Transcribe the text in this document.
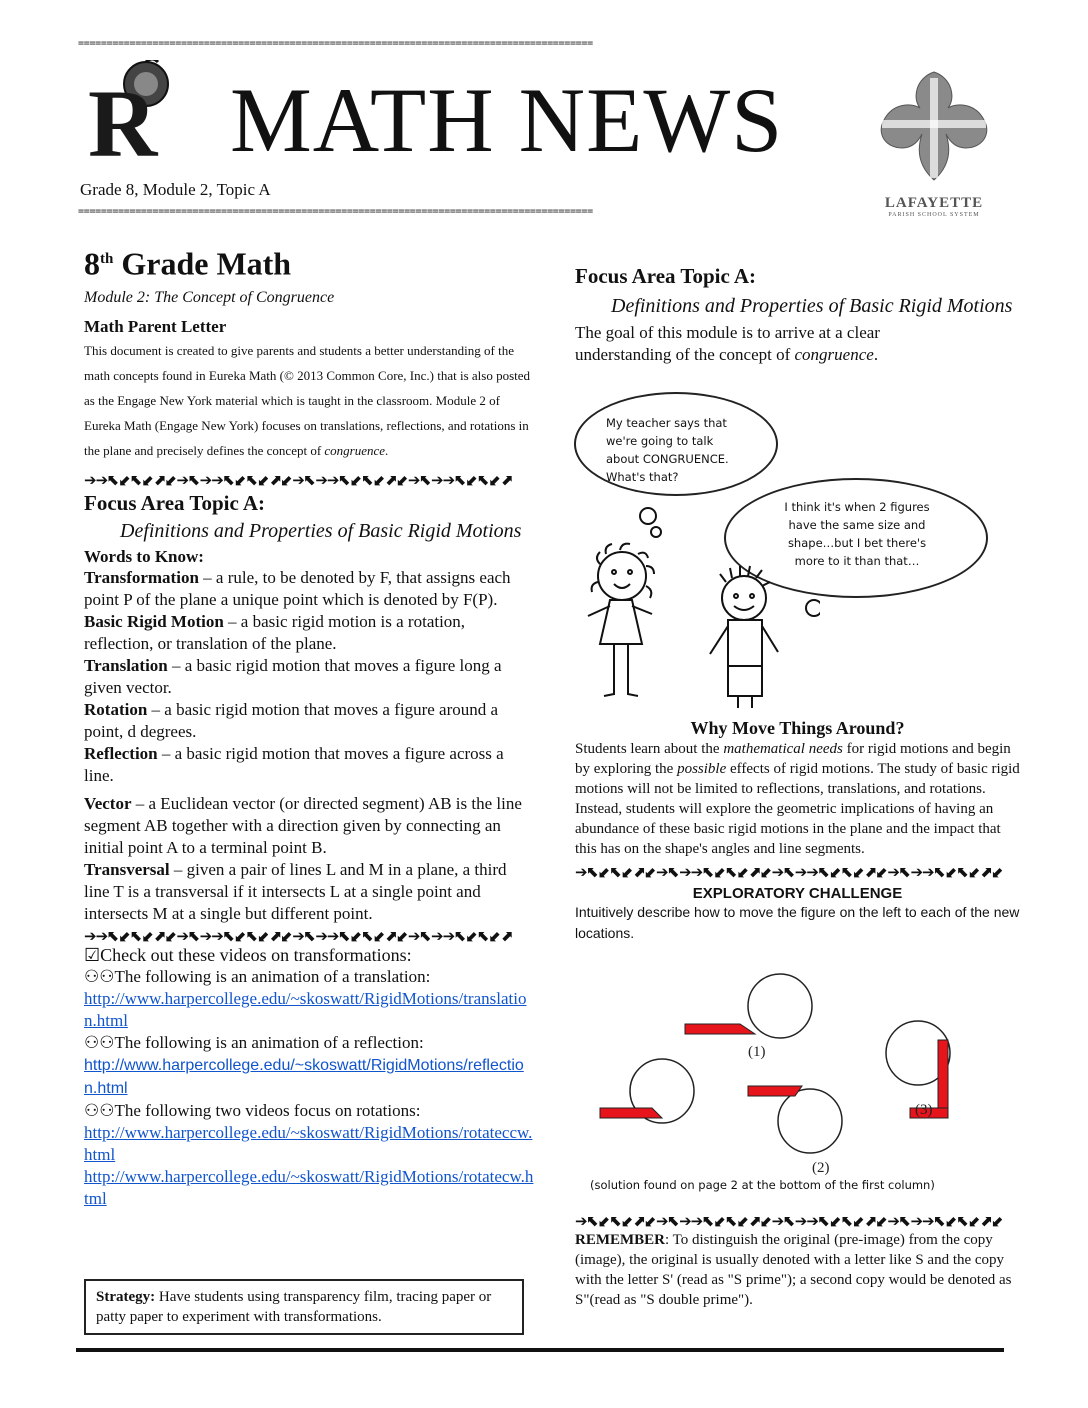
==========================================================================================
R MATH NEWS
LAFAYETTE
PARISH SCHOOL SYSTEM
Grade 8, Module 2, Topic A
==========================================================================================
8th Grade Math
Module 2: The Concept of Congruence
Math Parent Letter
This document is created to give parents and students a better understanding of the math concepts found in Eureka Math (© 2013 Common Core, Inc.) that is also posted as the Engage New York material which is taught in the classroom. Module 2 of Eureka Math (Engage New York) focuses on translations, reflections, and rotations in the plane and precisely defines the concept of congruence.
➔➔⬉⬋⬉⬋⬈⬋➔⬉➔➔⬉⬋⬉⬋⬈⬋➔⬉➔➔⬉⬋⬉⬋⬈⬋➔⬉➔➔⬉⬋⬉⬋⬈
Focus Area Topic A:
Definitions and Properties of Basic Rigid Motions
Words to Know:
Transformation – a rule, to be denoted by F, that assigns each point P of the plane a unique point which is denoted by F(P).
Basic Rigid Motion – a basic rigid motion is a rotation, reflection, or translation of the plane.
Translation – a basic rigid motion that moves a figure long a given vector.
Rotation – a basic rigid motion that moves a figure around a point, d degrees.
Reflection – a basic rigid motion that moves a figure across a line.
Vector – a Euclidean vector (or directed segment) AB is the line segment AB together with a direction given by connecting an initial point A to a terminal point B.
Transversal – given a pair of lines L and M in a plane, a third line T is a transversal if it intersects L at a single point and intersects M at a single but different point.
➔➔⬉⬋⬉⬋⬈⬋➔⬉➔➔⬉⬋⬉⬋⬈⬋➔⬉➔➔⬉⬋⬉⬋⬈⬋➔⬉➔➔⬉⬋⬉⬋⬈
☑Check out these videos on transformations:
⚇⚇The following is an animation of a translation:
http://www.harpercollege.edu/~skoswatt/RigidMotions/translation.html
⚇⚇The following is an animation of a reflection:
http://www.harpercollege.edu/~skoswatt/RigidMotions/reflection.html
⚇⚇The following two videos focus on rotations:
http://www.harpercollege.edu/~skoswatt/RigidMotions/rotateccw.html
http://www.harpercollege.edu/~skoswatt/RigidMotions/rotatecw.html
Strategy: Have students using transparency film, tracing paper or patty paper to experiment with transformations.
Focus Area Topic A:
Definitions and Properties of Basic Rigid Motions
The goal of this module is to arrive at a clear understanding of the concept of congruence.
My teacher says that we're going to talk about CONGRUENCE. What's that?
I think it's when 2 figures have the same size and shape…but I bet there's more to it than that…
Why Move Things Around?
Students learn about the mathematical needs for rigid motions and begin by exploring the possible effects of rigid motions. The study of basic rigid motions will not be limited to reflections, translations, and rotations. Instead, students will explore the geometric implications of having an abundance of these basic rigid motions in the plane and the impact that this has on the shape's angles and line segments.
➔⬉⬋⬉⬋⬈⬋➔⬉➔➔⬉⬋⬉⬋⬈⬋➔⬉➔➔⬉⬋⬉⬋⬈⬋➔⬉➔➔⬉⬋⬉⬋⬈⬋
EXPLORATORY CHALLENGE
Intuitively describe how to move the figure on the left to each of the new locations.
(1)
(2)
(3)
(solution found on page 2 at the bottom of the first column)
➔⬉⬋⬉⬋⬈⬋➔⬉➔➔⬉⬋⬉⬋⬈⬋➔⬉➔➔⬉⬋⬉⬋⬈⬋➔⬉➔➔⬉⬋⬉⬋⬈⬋
REMEMBER: To distinguish the original (pre-image) from the copy (image), the original is usually denoted with a letter like S and the copy with the letter S' (read as "S prime"); a second copy would be denoted as S"(read as "S double prime").
